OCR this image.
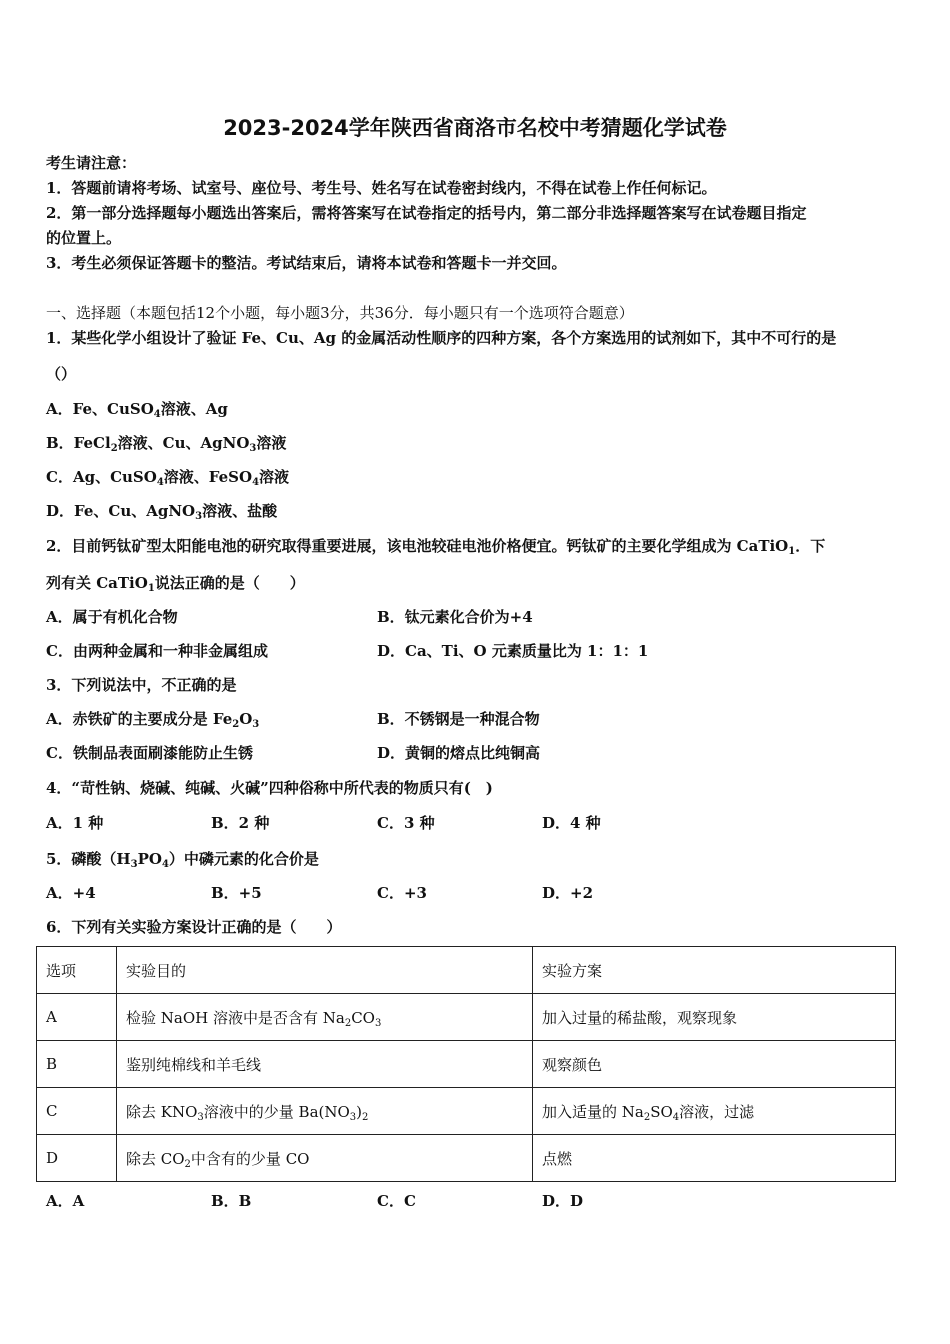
2023-2024学年陕西省商洛市名校中考猜题化学试卷
考生请注意：
1．答题前请将考场、试室号、座位号、考生号、姓名写在试卷密封线内，不得在试卷上作任何标记。
2．第一部分选择题每小题选出答案后，需将答案写在试卷指定的括号内，第二部分非选择题答案写在试卷题目指定
的位置上。
3．考生必须保证答题卡的整洁。考试结束后，请将本试卷和答题卡一并交回。
一、选择题（本题包括12个小题，每小题3分，共36分．每小题只有一个选项符合题意）
1．某些化学小组设计了验证 Fe、Cu、Ag 的金属活动性顺序的四种方案，各个方案选用的试剂如下，其中不可行的是
（）
A．Fe、CuSO$_4$溶液、Ag
B．FeCl$_2$溶液、Cu、AgNO$_3$溶液
C．Ag、CuSO$_4$溶液、FeSO$_4$溶液
D．Fe、Cu、AgNO$_3$溶液、盐酸
2．目前钙钛矿型太阳能电池的研究取得重要进展，该电池较硅电池价格便宜。钙钛矿的主要化学组成为 CaTiO$_1$．下
列有关 CaTiO$_1$说法正确的是（　　）
A．属于有机化合物	B．钛元素化合价为+4
C．由两种金属和一种非金属组成	D．Ca、Ti、O 元素质量比为 1：1：1
3．下列说法中，不正确的是
A．赤铁矿的主要成分是 $Fe_2O_3$	B．不锈钢是一种混合物
C．铁制品表面刷漆能防止生锈	D．黄铜的熔点比纯铜高
4．“苛性钠、烧碱、纯碱、火碱”四种俗称中所代表的物质只有(　)
A．1 种	B．2 种	C．3 种	D．4 种
5．磷酸$(H_3PO_4)$中磷元素的化合价是
A．+4	B．+5	C．+3	D．+2
6．下列有关实验方案设计正确的是（　　）
选项	实验目的	实验方案
A	检验 NaOH 溶液中是否含有 $Na_2CO_3$	加入过量的稀盐酸，观察现象
B	鉴别纯棉线和羊毛线	观察颜色
C	除去 $KNO_3$溶液中的少量 $Ba(NO_3)_2$	加入适量的 $Na_2SO_4$溶液，过滤
D	除去 $CO_2$中含有的少量 CO	点燃
A．A	B．B	C．C	D．D
